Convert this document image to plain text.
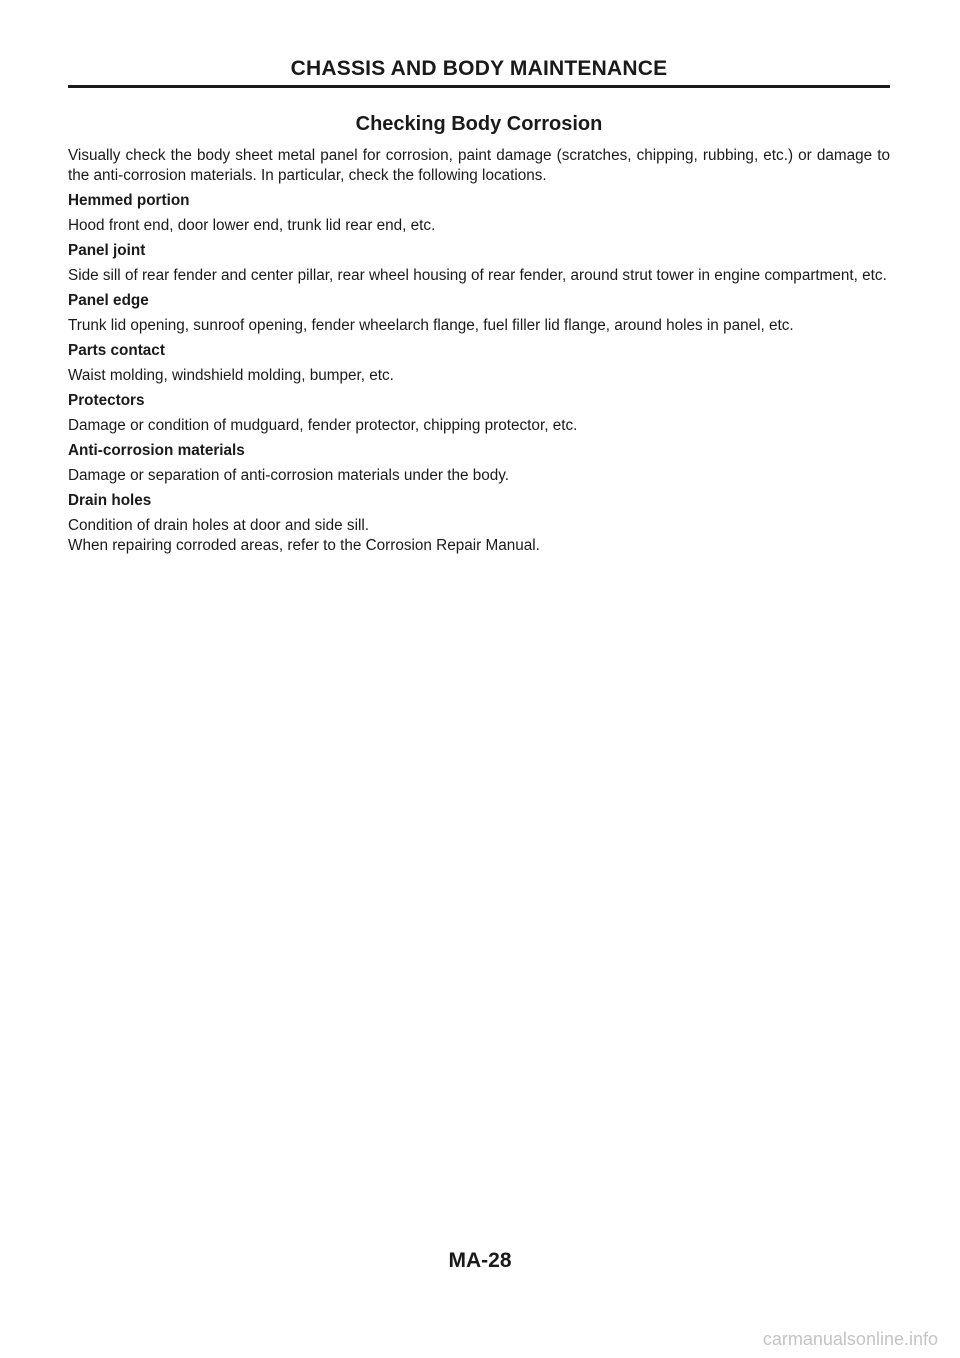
CHASSIS AND BODY MAINTENANCE
Checking Body Corrosion

Visually check the body sheet metal panel for corrosion, paint damage (scratches, chipping, rubbing, etc.) or damage to the anti-corrosion materials. In particular, check the following locations.

Hemmed portion

Hood front end, door lower end, trunk lid rear end, etc.

Panel joint

Side sill of rear fender and center pillar, rear wheel housing of rear fender, around strut tower in engine compartment, etc.

Panel edge

Trunk lid opening, sunroof opening, fender wheelarch flange, fuel filler lid flange, around holes in panel, etc.

Parts contact

Waist molding, windshield molding, bumper, etc.

Protectors

Damage or condition of mudguard, fender protector, chipping protector, etc.

Anti-corrosion materials

Damage or separation of anti-corrosion materials under the body.

Drain holes

Condition of drain holes at door and side sill.

When repairing corroded areas, refer to the Corrosion Repair Manual.

MA-28
carmanualsonline.info
